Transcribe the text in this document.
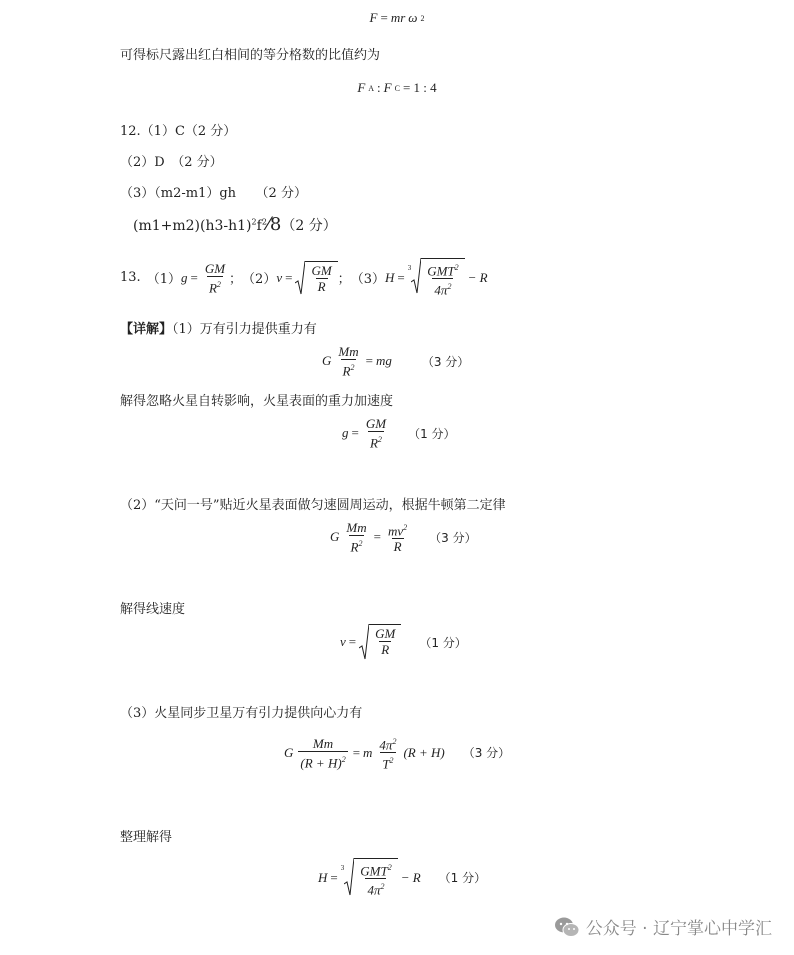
F = mr ω 2
可得标尺露出红白相间的等分格数的比值约为
F A : F C = 1 : 4
12.（1）C（2 分）
（2）D　（2 分）
（3）（m2-m1）gh　　（2 分）
$(m1+m2)(h3-h1)^2f^2⁄8(2$ 分）
13. （1） $g = \frac{GM}{R^2}$ ； （2） $v = \frac{GM}{R}$ ； （3） H =
$3 \frac{GMT^2}{4\pi^2} - R$
【详解】（1）万有引力提供重力有
G $\frac{Mm}{R^2}$ = mg	（3 分）
解得忽略火星自转影响，火星表面的重力加速度
$g = \frac{GM}{R^2} (1$ 分）
（2）“天问一号”贴近火星表面做匀速圆周运动，根据牛顿第二定律
G $\frac{Mm}{R^2} = \frac{mv^2}{R} (3$ 分）
解得线速度
$v = \frac{GM}{R} (1$ 分）
（3）火星同步卫星万有引力提供向心力有
G $\frac{Mm}{(R + H)^2} = m \frac{4\pi^2}{T^2} (R + H)$ （3 分）
整理解得
H =
$3 \frac{GMT^2}{4\pi^2} - R$ （1 分）
公众号 · 辽宁掌心中学汇
